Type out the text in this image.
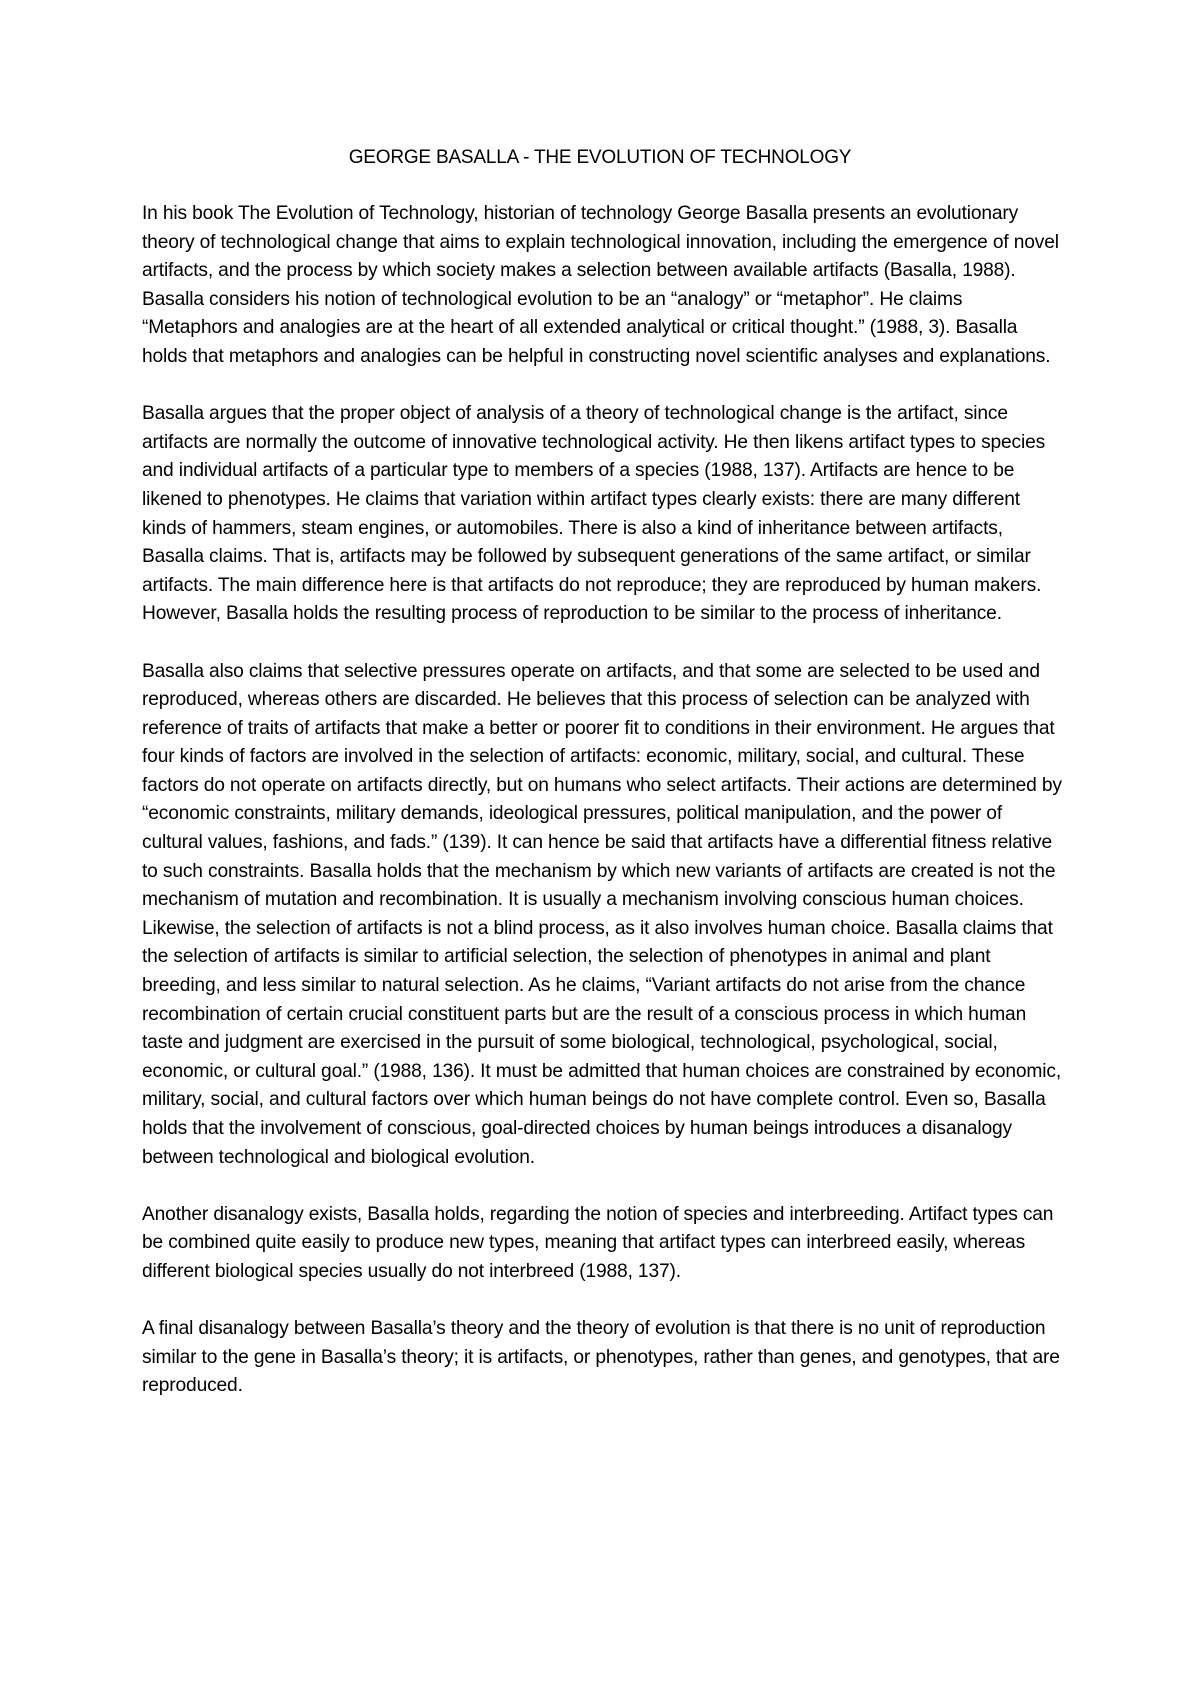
GEORGE BASALLA - THE EVOLUTION OF TECHNOLOGY

In his book The Evolution of Technology, historian of technology George Basalla presents an evolutionary theory of technological change that aims to explain technological innovation, including the emergence of novel artifacts, and the process by which society makes a selection between available artifacts (Basalla, 1988). Basalla considers his notion of technological evolution to be an “analogy” or “metaphor”. He claims “Metaphors and analogies are at the heart of all extended analytical or critical thought.” (1988, 3). Basalla holds that metaphors and analogies can be helpful in constructing novel scientific analyses and explanations.

Basalla argues that the proper object of analysis of a theory of technological change is the artifact, since artifacts are normally the outcome of innovative technological activity. He then likens artifact types to species and individual artifacts of a particular type to members of a species (1988, 137). Artifacts are hence to be likened to phenotypes. He claims that variation within artifact types clearly exists: there are many different kinds of hammers, steam engines, or automobiles. There is also a kind of inheritance between artifacts, Basalla claims. That is, artifacts may be followed by subsequent generations of the same artifact, or similar artifacts. The main difference here is that artifacts do not reproduce; they are reproduced by human makers. However, Basalla holds the resulting process of reproduction to be similar to the process of inheritance.

Basalla also claims that selective pressures operate on artifacts, and that some are selected to be used and reproduced, whereas others are discarded. He believes that this process of selection can be analyzed with reference of traits of artifacts that make a better or poorer fit to conditions in their environment. He argues that four kinds of factors are involved in the selection of artifacts: economic, military, social, and cultural. These factors do not operate on artifacts directly, but on humans who select artifacts. Their actions are determined by “economic constraints, military demands, ideological pressures, political manipulation, and the power of cultural values, fashions, and fads.” (139). It can hence be said that artifacts have a differential fitness relative to such constraints. Basalla holds that the mechanism by which new variants of artifacts are created is not the mechanism of mutation and recombination. It is usually a mechanism involving conscious human choices. Likewise, the selection of artifacts is not a blind process, as it also involves human choice. Basalla claims that the selection of artifacts is similar to artificial selection, the selection of phenotypes in animal and plant breeding, and less similar to natural selection. As he claims, “Variant artifacts do not arise from the chance recombination of certain crucial constituent parts but are the result of a conscious process in which human taste and judgment are exercised in the pursuit of some biological, technological, psychological, social, economic, or cultural goal.” (1988, 136). It must be admitted that human choices are constrained by economic, military, social, and cultural factors over which human beings do not have complete control. Even so, Basalla holds that the involvement of conscious, goal-directed choices by human beings introduces a disanalogy between technological and biological evolution.

Another disanalogy exists, Basalla holds, regarding the notion of species and interbreeding. Artifact types can be combined quite easily to produce new types, meaning that artifact types can interbreed easily, whereas different biological species usually do not interbreed (1988, 137).

A final disanalogy between Basalla’s theory and the theory of evolution is that there is no unit of reproduction similar to the gene in Basalla’s theory; it is artifacts, or phenotypes, rather than genes, and genotypes, that are reproduced.
